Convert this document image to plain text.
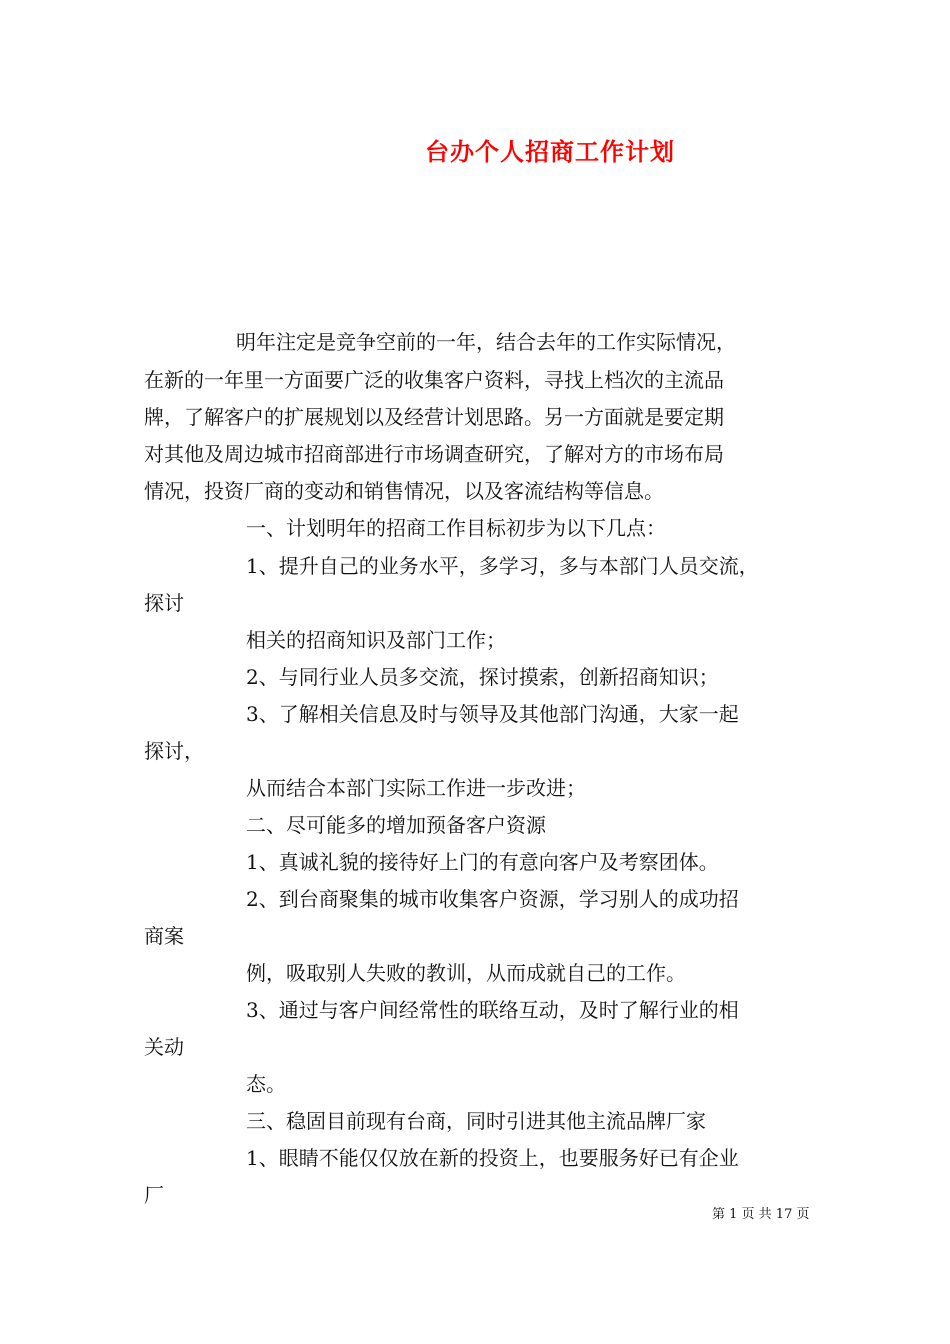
台办个人招商工作计划
明年注定是竞争空前的一年，结合去年的工作实际情况，
在新的一年里一方面要广泛的收集客户资料，寻找上档次的主流品
牌，了解客户的扩展规划以及经营计划思路。另一方面就是要定期
对其他及周边城市招商部进行市场调查研究，了解对方的市场布局
情况，投资厂商的变动和销售情况，以及客流结构等信息。
一、计划明年的招商工作目标初步为以下几点：
1、提升自己的业务水平，多学习，多与本部门人员交流，
探讨
相关的招商知识及部门工作；
2、与同行业人员多交流，探讨摸索，创新招商知识；
3、了解相关信息及时与领导及其他部门沟通，大家一起
探讨，
从而结合本部门实际工作进一步改进；
二、尽可能多的增加预备客户资源
1、真诚礼貌的接待好上门的有意向客户及考察团体。
2、到台商聚集的城市收集客户资源，学习别人的成功招
商案
例，吸取别人失败的教训，从而成就自己的工作。
3、通过与客户间经常性的联络互动，及时了解行业的相
关动
态。
三、稳固目前现有台商，同时引进其他主流品牌厂家
1、眼睛不能仅仅放在新的投资上，也要服务好已有企业
厂
第 1 页 共 17 页
